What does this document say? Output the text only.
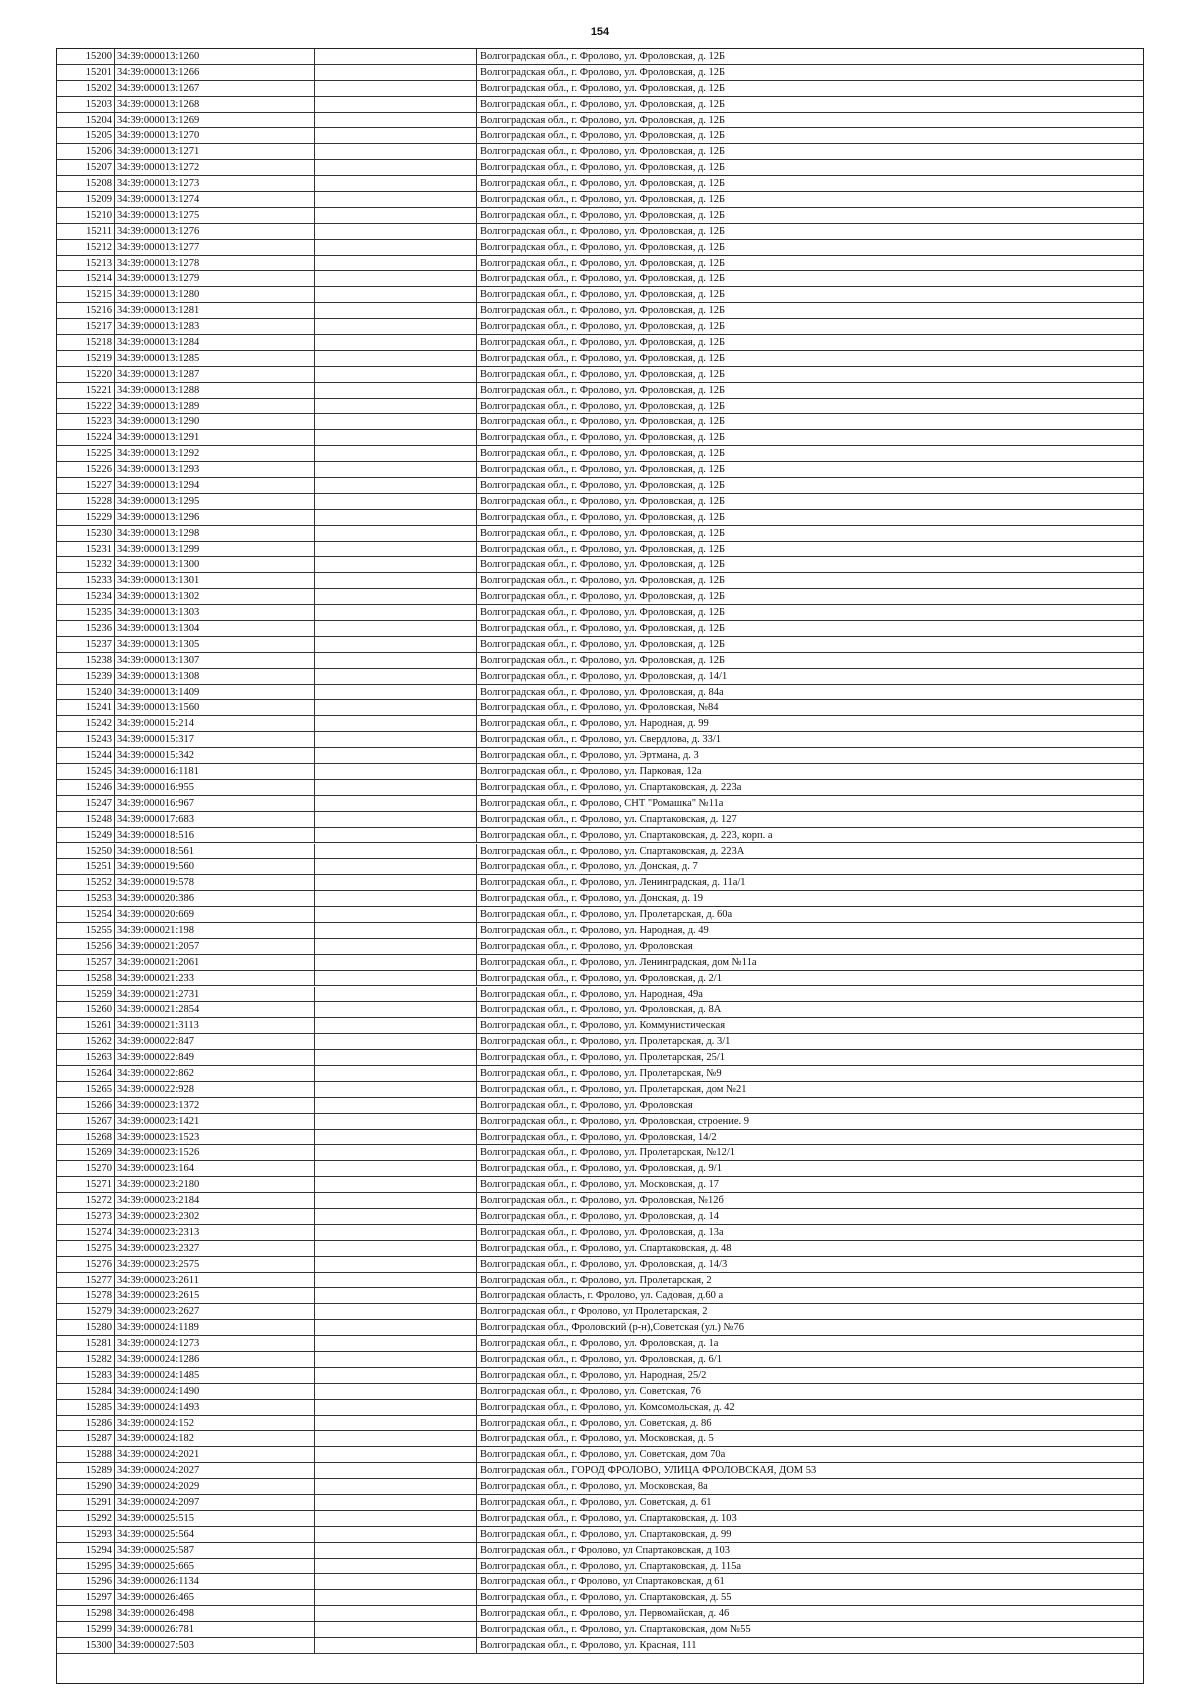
154
15200 34:39:000013:1260	Волгоградская обл., г. Фролово, ул. Фроловская, д. 12Б
15201 34:39:000013:1266	Волгоградская обл., г. Фролово, ул. Фроловская, д. 12Б
15202 34:39:000013:1267	Волгоградская обл., г. Фролово, ул. Фроловская, д. 12Б
15203 34:39:000013:1268	Волгоградская обл., г. Фролово, ул. Фроловская, д. 12Б
15204 34:39:000013:1269	Волгоградская обл., г. Фролово, ул. Фроловская, д. 12Б
15205 34:39:000013:1270	Волгоградская обл., г. Фролово, ул. Фроловская, д. 12Б
15206 34:39:000013:1271	Волгоградская обл., г. Фролово, ул. Фроловская, д. 12Б
15207 34:39:000013:1272	Волгоградская обл., г. Фролово, ул. Фроловская, д. 12Б
15208 34:39:000013:1273	Волгоградская обл., г. Фролово, ул. Фроловская, д. 12Б
15209 34:39:000013:1274	Волгоградская обл., г. Фролово, ул. Фроловская, д. 12Б
15210 34:39:000013:1275	Волгоградская обл., г. Фролово, ул. Фроловская, д. 12Б
15211 34:39:000013:1276	Волгоградская обл., г. Фролово, ул. Фроловская, д. 12Б
15212 34:39:000013:1277	Волгоградская обл., г. Фролово, ул. Фроловская, д. 12Б
15213 34:39:000013:1278	Волгоградская обл., г. Фролово, ул. Фроловская, д. 12Б
15214 34:39:000013:1279	Волгоградская обл., г. Фролово, ул. Фроловская, д. 12Б
15215 34:39:000013:1280	Волгоградская обл., г. Фролово, ул. Фроловская, д. 12Б
15216 34:39:000013:1281	Волгоградская обл., г. Фролово, ул. Фроловская, д. 12Б
15217 34:39:000013:1283	Волгоградская обл., г. Фролово, ул. Фроловская, д. 12Б
15218 34:39:000013:1284	Волгоградская обл., г. Фролово, ул. Фроловская, д. 12Б
15219 34:39:000013:1285	Волгоградская обл., г. Фролово, ул. Фроловская, д. 12Б
15220 34:39:000013:1287	Волгоградская обл., г. Фролово, ул. Фроловская, д. 12Б
15221 34:39:000013:1288	Волгоградская обл., г. Фролово, ул. Фроловская, д. 12Б
15222 34:39:000013:1289	Волгоградская обл., г. Фролово, ул. Фроловская, д. 12Б
15223 34:39:000013:1290	Волгоградская обл., г. Фролово, ул. Фроловская, д. 12Б
15224 34:39:000013:1291	Волгоградская обл., г. Фролово, ул. Фроловская, д. 12Б
15225 34:39:000013:1292	Волгоградская обл., г. Фролово, ул. Фроловская, д. 12Б
15226 34:39:000013:1293	Волгоградская обл., г. Фролово, ул. Фроловская, д. 12Б
15227 34:39:000013:1294	Волгоградская обл., г. Фролово, ул. Фроловская, д. 12Б
15228 34:39:000013:1295	Волгоградская обл., г. Фролово, ул. Фроловская, д. 12Б
15229 34:39:000013:1296	Волгоградская обл., г. Фролово, ул. Фроловская, д. 12Б
15230 34:39:000013:1298	Волгоградская обл., г. Фролово, ул. Фроловская, д. 12Б
15231 34:39:000013:1299	Волгоградская обл., г. Фролово, ул. Фроловская, д. 12Б
15232 34:39:000013:1300	Волгоградская обл., г. Фролово, ул. Фроловская, д. 12Б
15233 34:39:000013:1301	Волгоградская обл., г. Фролово, ул. Фроловская, д. 12Б
15234 34:39:000013:1302	Волгоградская обл., г. Фролово, ул. Фроловская, д. 12Б
15235 34:39:000013:1303	Волгоградская обл., г. Фролово, ул. Фроловская, д. 12Б
15236 34:39:000013:1304	Волгоградская обл., г. Фролово, ул. Фроловская, д. 12Б
15237 34:39:000013:1305	Волгоградская обл., г. Фролово, ул. Фроловская, д. 12Б
15238 34:39:000013:1307	Волгоградская обл., г. Фролово, ул. Фроловская, д. 12Б
15239 34:39:000013:1308	Волгоградская обл., г. Фролово, ул. Фроловская, д. 14/1
15240 34:39:000013:1409	Волгоградская обл., г. Фролово, ул. Фроловская, д. 84а
15241 34:39:000013:1560	Волгоградская обл., г. Фролово, ул. Фроловская, №84
15242 34:39:000015:214	Волгоградская обл., г. Фролово, ул. Народная, д. 99
15243 34:39:000015:317	Волгоградская обл., г. Фролово, ул. Свердлова, д. 33/1
15244 34:39:000015:342	Волгоградская обл., г. Фролово, ул. Эртмана, д. 3
15245 34:39:000016:1181	Волгоградская обл., г. Фролово, ул. Парковая, 12а
15246 34:39:000016:955	Волгоградская обл., г. Фролово, ул. Спартаковская, д. 223а
15247 34:39:000016:967	Волгоградская обл., г. Фролово, СНТ "Ромашка" №11а
15248 34:39:000017:683	Волгоградская обл., г. Фролово, ул. Спартаковская, д. 127
15249 34:39:000018:516	Волгоградская обл., г. Фролово, ул. Спартаковская, д. 223, корп. а
15250 34:39:000018:561	Волгоградская обл., г. Фролово, ул. Спартаковская, д. 223А
15251 34:39:000019:560	Волгоградская обл., г. Фролово, ул. Донская, д. 7
15252 34:39:000019:578	Волгоградская обл., г. Фролово, ул. Ленинградская, д. 11а/1
15253 34:39:000020:386	Волгоградская обл., г. Фролово, ул. Донская, д. 19
15254 34:39:000020:669	Волгоградская обл., г. Фролово, ул. Пролетарская, д. 60а
15255 34:39:000021:198	Волгоградская обл., г. Фролово, ул. Народная, д. 49
15256 34:39:000021:2057	Волгоградская обл., г. Фролово, ул. Фроловская
15257 34:39:000021:2061	Волгоградская обл., г. Фролово, ул. Ленинградская, дом №11а
15258 34:39:000021:233	Волгоградская обл., г. Фролово, ул. Фроловская, д. 2/1
15259 34:39:000021:2731	Волгоградская обл., г. Фролово, ул. Народная, 49а
15260 34:39:000021:2854	Волгоградская обл., г. Фролово, ул. Фроловская, д. 8А
15261 34:39:000021:3113	Волгоградская обл., г. Фролово, ул. Коммунистическая
15262 34:39:000022:847	Волгоградская обл., г. Фролово, ул. Пролетарская, д. 3/1
15263 34:39:000022:849	Волгоградская обл., г. Фролово, ул. Пролетарская, 25/1
15264 34:39:000022:862	Волгоградская обл., г. Фролово, ул. Пролетарская, №9
15265 34:39:000022:928	Волгоградская обл., г. Фролово, ул. Пролетарская, дом №21
15266 34:39:000023:1372	Волгоградская обл., г. Фролово, ул. Фроловская
15267 34:39:000023:1421	Волгоградская обл., г. Фролово, ул. Фроловская, строение. 9
15268 34:39:000023:1523	Волгоградская обл., г. Фролово, ул. Фроловская, 14/2
15269 34:39:000023:1526	Волгоградская обл., г. Фролово, ул. Пролетарская, №12/1
15270 34:39:000023:164	Волгоградская обл., г. Фролово, ул. Фроловская, д. 9/1
15271 34:39:000023:2180	Волгоградская обл., г. Фролово, ул. Московская, д. 17
15272 34:39:000023:2184	Волгоградская обл., г. Фролово, ул. Фроловская, №12б
15273 34:39:000023:2302	Волгоградская обл., г. Фролово, ул. Фроловская, д. 14
15274 34:39:000023:2313	Волгоградская обл., г. Фролово, ул. Фроловская, д. 13а
15275 34:39:000023:2327	Волгоградская обл., г. Фролово, ул. Спартаковская, д. 48
15276 34:39:000023:2575	Волгоградская обл., г. Фролово, ул. Фроловская, д. 14/3
15277 34:39:000023:2611	Волгоградская обл., г. Фролово, ул. Пролетарская, 2
15278 34:39:000023:2615	Волгоградская область, г. Фролово, ул. Садовая, д.60 а
15279 34:39:000023:2627	Волгоградская обл., г Фролово, ул Пролетарская, 2
15280 34:39:000024:1189	Волгоградская обл., Фроловский (р-н),Советская (ул.) №76
15281 34:39:000024:1273	Волгоградская обл., г. Фролово, ул. Фроловская, д. 1а
15282 34:39:000024:1286	Волгоградская обл., г. Фролово, ул. Фроловская, д. 6/1
15283 34:39:000024:1485	Волгоградская обл., г. Фролово, ул. Народная, 25/2
15284 34:39:000024:1490	Волгоградская обл., г. Фролово, ул. Советская, 76
15285 34:39:000024:1493	Волгоградская обл., г. Фролово, ул. Комсомольская, д. 42
15286 34:39:000024:152	Волгоградская обл., г. Фролово, ул. Советская, д. 86
15287 34:39:000024:182	Волгоградская обл., г. Фролово, ул. Московская, д. 5
15288 34:39:000024:2021	Волгоградская обл., г. Фролово, ул. Советская, дом 70а
15289 34:39:000024:2027	Волгоградская обл., ГОРОД ФРОЛОВО, УЛИЦА ФРОЛОВСКАЯ, ДОМ 53
15290 34:39:000024:2029	Волгоградская обл., г. Фролово, ул. Московская, 8а
15291 34:39:000024:2097	Волгоградская обл., г. Фролово, ул. Советская, д. 61
15292 34:39:000025:515	Волгоградская обл., г. Фролово, ул. Спартаковская, д. 103
15293 34:39:000025:564	Волгоградская обл., г. Фролово, ул. Спартаковская, д. 99
15294 34:39:000025:587	Волгоградская обл., г Фролово, ул Спартаковская, д 103
15295 34:39:000025:665	Волгоградская обл., г. Фролово, ул. Спартаковская, д. 115а
15296 34:39:000026:1134	Волгоградская обл., г Фролово, ул Спартаковская, д 61
15297 34:39:000026:465	Волгоградская обл., г. Фролово, ул. Спартаковская, д. 55
15298 34:39:000026:498	Волгоградская обл., г. Фролово, ул. Первомайская, д. 46
15299 34:39:000026:781	Волгоградская обл., г. Фролово, ул. Спартаковская, дом №55
15300 34:39:000027:503	Волгоградская обл., г. Фролово, ул. Красная, 111
